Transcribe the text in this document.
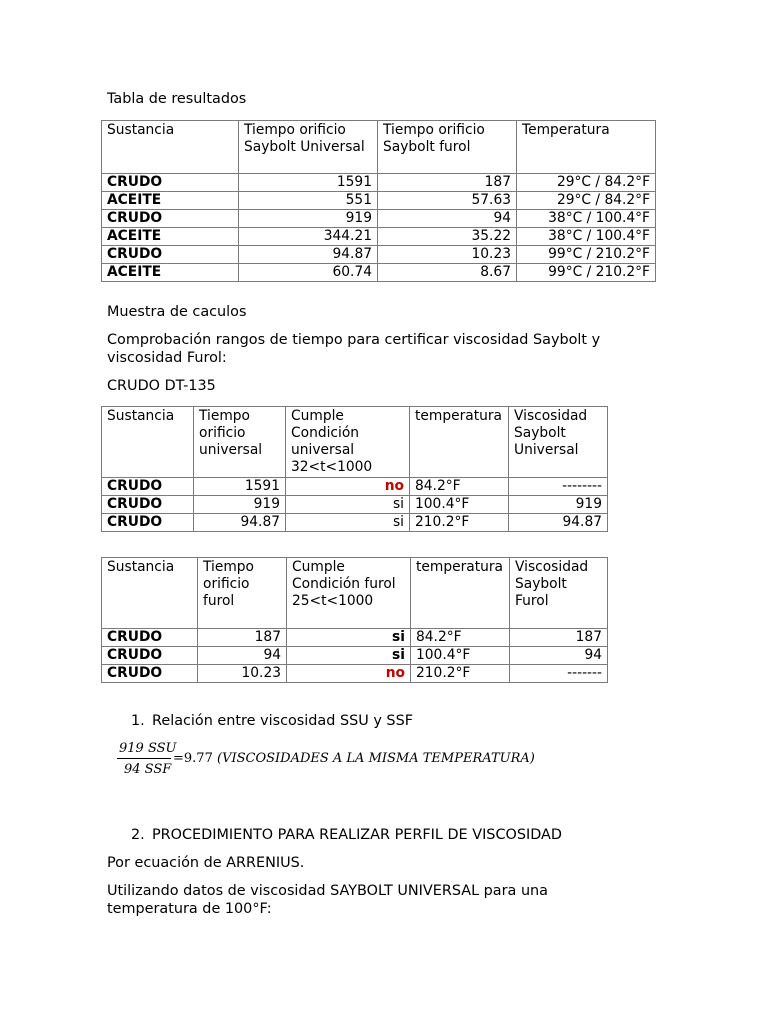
Tabla de resultados

Sustancia	Tiempo orificio Saybolt Universal	Tiempo orificio Saybolt furol	Temperatura
CRUDO	1591	187	29°C / 84.2°F
ACEITE	551	57.63	29°C / 84.2°F
CRUDO	919	94	38°C / 100.4°F
ACEITE	344.21	35.22	38°C / 100.4°F
CRUDO	94.87	10.23	99°C / 210.2°F
ACEITE	60.74	8.67	99°C / 210.2°F

Muestra de caculos

Comprobación rangos de tiempo para certificar viscosidad Saybolt y viscosidad Furol:

CRUDO DT-135

Sustancia	Tiempo orificio universal	Cumple Condición universal 32<t<1000	temperatura	Viscosidad Saybolt Universal
CRUDO	1591	no	84.2°F	--------
CRUDO	919	si	100.4°F	919
CRUDO	94.87	si	210.2°F	94.87
Sustancia	Tiempo orificio furol	Cumple Condición furol 25<t<1000	temperatura	Viscosidad Saybolt Furol
CRUDO	187	si	84.2°F	187
CRUDO	94	si	100.4°F	94
CRUDO	10.23	no	210.2°F	-------
1. Relación entre viscosidad SSU y SSF

919 SSU
94 SSF
=9.77 (VISCOSIDADES A LA MISMA TEMPERATURA)
2. PROCEDIMIENTO PARA REALIZAR PERFIL DE VISCOSIDAD

Por ecuación de ARRENIUS.

Utilizando datos de viscosidad SAYBOLT UNIVERSAL para una temperatura de 100°F:
